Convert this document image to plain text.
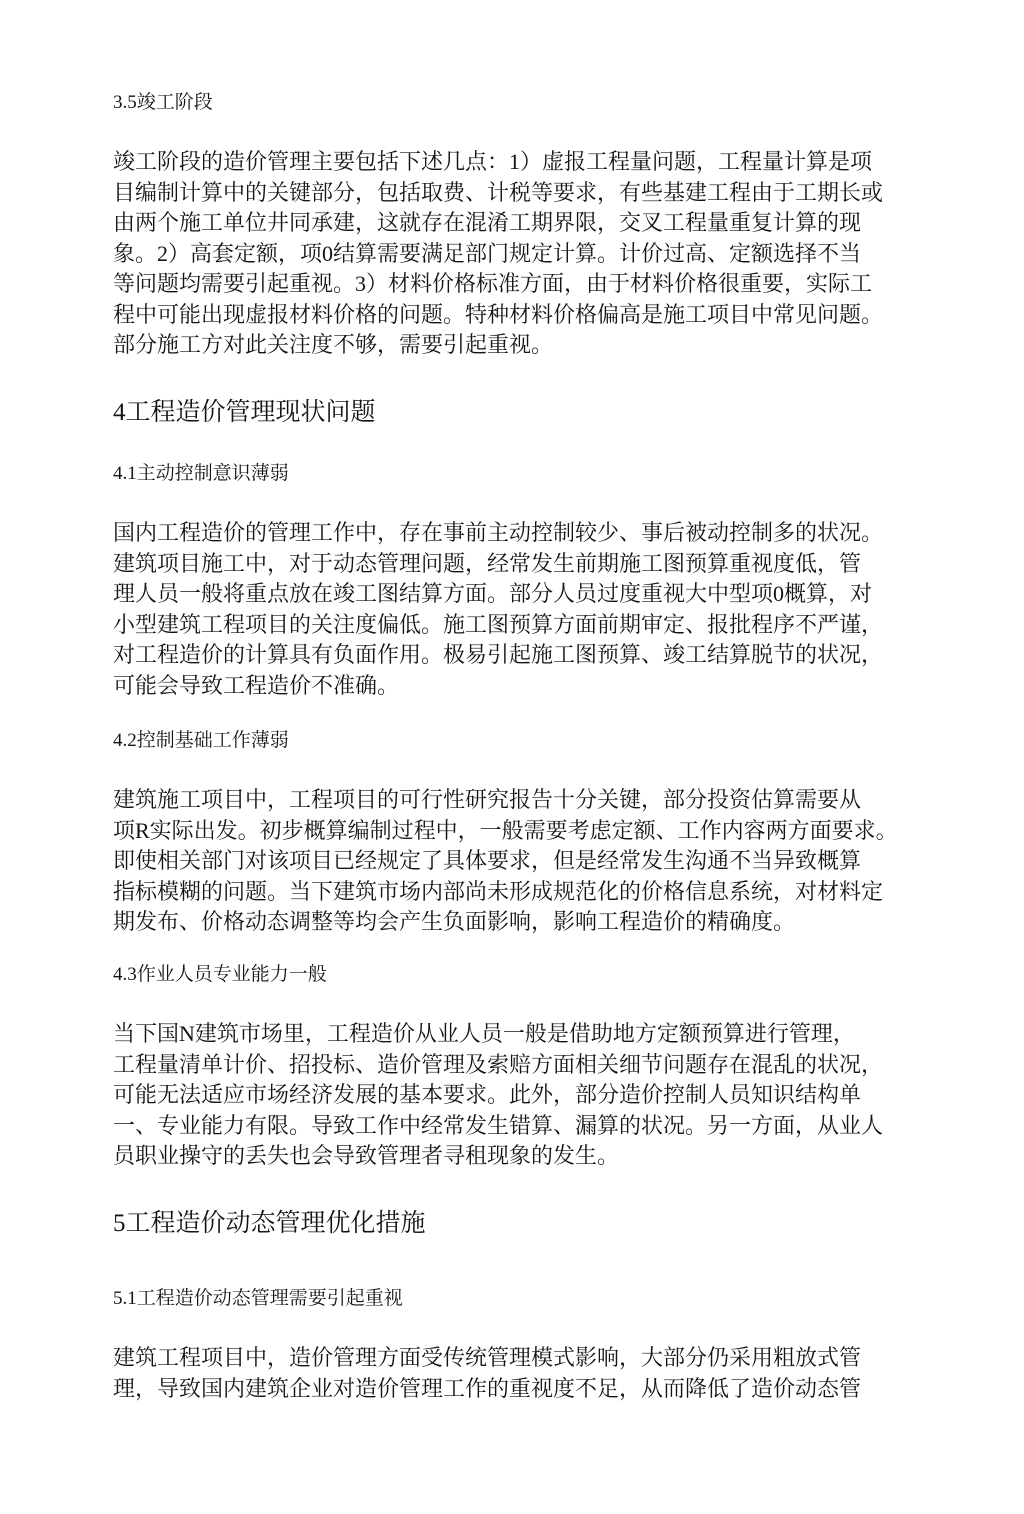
3.5竣工阶段
竣工阶段的造价管理主要包括下述几点：1）虚报工程量问题，工程量计算是项
目编制计算中的关键部分，包括取费、计税等要求，有些基建工程由于工期长或
由两个施工单位井同承建，这就存在混淆工期界限，交叉工程量重复计算的现
象。2）高套定额，项0结算需要满足部门规定计算。计价过高、定额选择不当
等问题均需要引起重视。3）材料价格标准方面，由于材料价格很重要，实际工
程中可能出现虚报材料价格的问题。特种材料价格偏高是施工项目中常见问题。
部分施工方对此关注度不够，需要引起重视。
4工程造价管理现状问题
4.1主动控制意识薄弱
国内工程造价的管理工作中，存在事前主动控制较少、事后被动控制多的状况。
建筑项目施工中，对于动态管理问题，经常发生前期施工图预算重视度低，管
理人员一般将重点放在竣工图结算方面。部分人员过度重视大中型项0概算，对
小型建筑工程项目的关注度偏低。施工图预算方面前期审定、报批程序不严谨，
对工程造价的计算具有负面作用。极易引起施工图预算、竣工结算脱节的状况，
可能会导致工程造价不准确。
4.2控制基础工作薄弱
建筑施工项目中，工程项目的可行性研究报告十分关键，部分投资估算需要从
项R实际出发。初步概算编制过程中，一般需要考虑定额、工作内容两方面要求。
即使相关部门对该项目已经规定了具体要求，但是经常发生沟通不当异致概算
指标模糊的问题。当下建筑市场内部尚未形成规范化的价格信息系统，对材料定
期发布、价格动态调整等均会产生负面影响，影响工程造价的精确度。
4.3作业人员专业能力一般
当下国N建筑市场里，工程造价从业人员一般是借助地方定额预算进行管理，
工程量清单计价、招投标、造价管理及索赔方面相关细节问题存在混乱的状况，
可能无法适应市场经济发展的基本要求。此外，部分造价控制人员知识结构单
一、专业能力有限。导致工作中经常发生错算、漏算的状况。另一方面，从业人
员职业操守的丢失也会导致管理者寻租现象的发生。
5工程造价动态管理优化措施
5.1工程造价动态管理需要引起重视
建筑工程项目中，造价管理方面受传统管理模式影响，大部分仍采用粗放式管
理，导致国内建筑企业对造价管理工作的重视度不足，从而降低了造价动态管
